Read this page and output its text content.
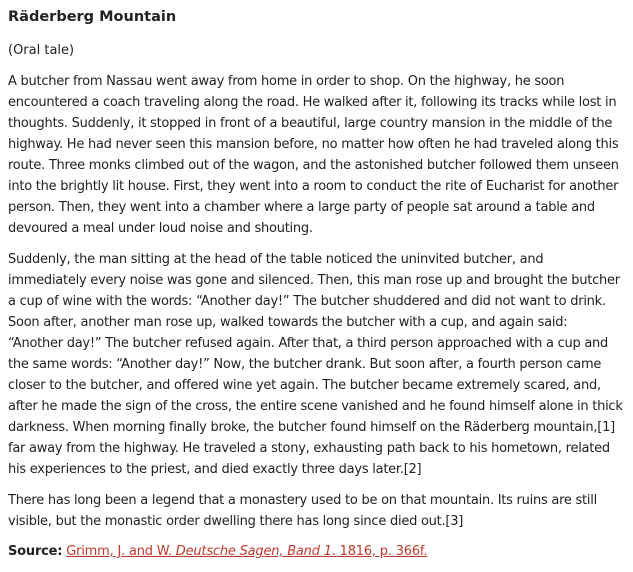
Räderberg Mountain
(Oral tale)

A butcher from Nassau went away from home in order to shop. On the highway, he soon encountered a coach traveling along the road. He walked after it, following its tracks while lost in thoughts. Suddenly, it stopped in front of a beautiful, large country mansion in the middle of the highway. He had never seen this mansion before, no matter how often he had traveled along this route. Three monks climbed out of the wagon, and the astonished butcher followed them unseen into the brightly lit house. First, they went into a room to conduct the rite of Eucharist for another person. Then, they went into a chamber where a large party of people sat around a table and devoured a meal under loud noise and shouting.

Suddenly, the man sitting at the head of the table noticed the uninvited butcher, and immediately every noise was gone and silenced. Then, this man rose up and brought the butcher a cup of wine with the words: “Another day!” The butcher shuddered and did not want to drink. Soon after, another man rose up, walked towards the butcher with a cup, and again said: “Another day!” The butcher refused again. After that, a third person approached with a cup and the same words: “Another day!” Now, the butcher drank. But soon after, a fourth person came closer to the butcher, and offered wine yet again. The butcher became extremely scared, and, after he made the sign of the cross, the entire scene vanished and he found himself alone in thick darkness. When morning finally broke, the butcher found himself on the Räderberg mountain,[1] far away from the highway. He traveled a stony, exhausting path back to his hometown, related his experiences to the priest, and died exactly three days later.[2]

There has long been a legend that a monastery used to be on that mountain. Its ruins are still visible, but the monastic order dwelling there has long since died out.[3]

Source: Grimm, J. and W. Deutsche Sagen, Band 1. 1816, p. 366f.
